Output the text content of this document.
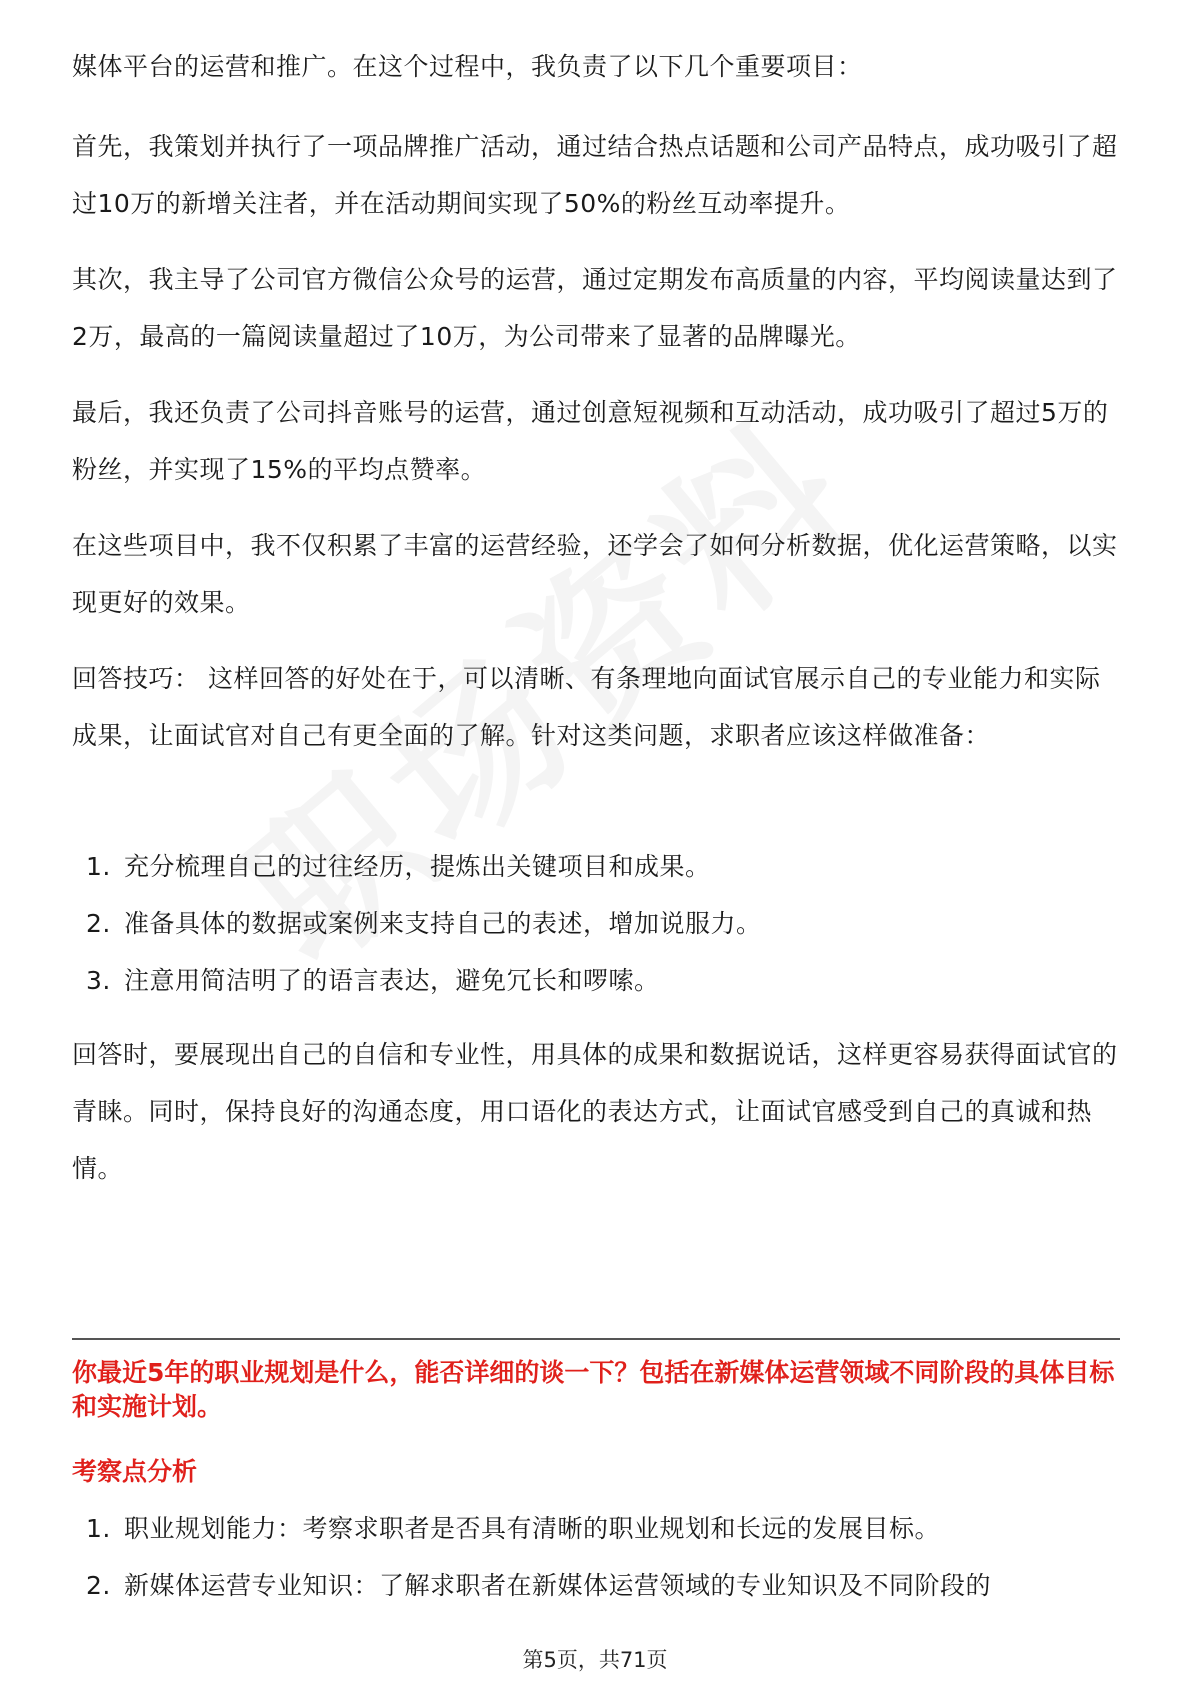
媒体平台的运营和推广。在这个过程中，我负责了以下几个重要项目：

首先，我策划并执行了一项品牌推广活动，通过结合热点话题和公司产品特点，成功吸引了超过10万的新增关注者，并在活动期间实现了50%的粉丝互动率提升。

其次，我主导了公司官方微信公众号的运营，通过定期发布高质量的内容，平均阅读量达到了2万，最高的一篇阅读量超过了10万，为公司带来了显著的品牌曝光。

最后，我还负责了公司抖音账号的运营，通过创意短视频和互动活动，成功吸引了超过5万的粉丝，并实现了15%的平均点赞率。

在这些项目中，我不仅积累了丰富的运营经验，还学会了如何分析数据，优化运营策略，以实现更好的效果。

回答技巧： 这样回答的好处在于，可以清晰、有条理地向面试官展示自己的专业能力和实际成果，让面试官对自己有更全面的了解。针对这类问题，求职者应该这样做准备：

1. 充分梳理自己的过往经历，提炼出关键项目和成果。
2. 准备具体的数据或案例来支持自己的表述，增加说服力。
3. 注意用简洁明了的语言表达，避免冗长和啰嗦。

回答时，要展现出自己的自信和专业性，用具体的成果和数据说话，这样更容易获得面试官的青睐。同时，保持良好的沟通态度，用口语化的表达方式，让面试官感受到自己的真诚和热情。

你最近5年的职业规划是什么，能否详细的谈一下？包括在新媒体运营领域不同阶段的具体目标和实施计划。

考察点分析

1. 职业规划能力：考察求职者是否具有清晰的职业规划和长远的发展目标。
2. 新媒体运营专业知识：了解求职者在新媒体运营领域的专业知识及不同阶段的
第5页，共71页
